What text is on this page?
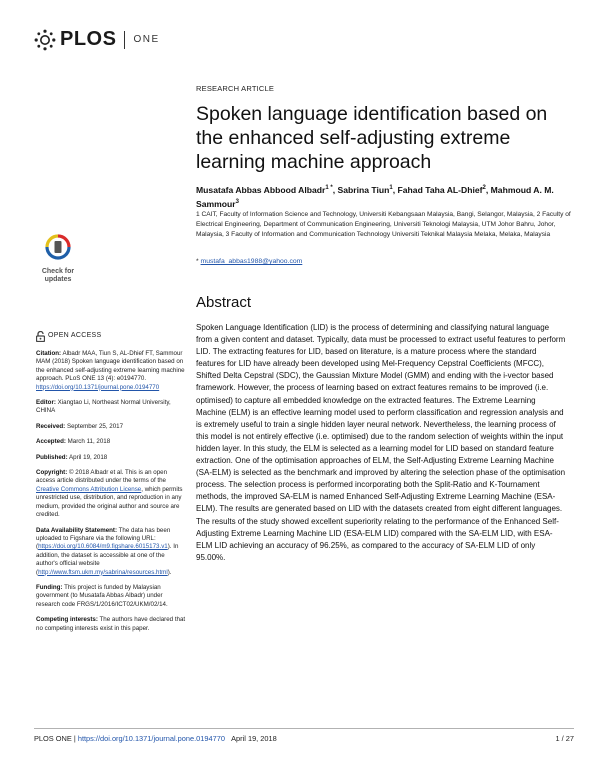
PLOS ONE
RESEARCH ARTICLE
Spoken language identification based on the enhanced self-adjusting extreme learning machine approach

Musatafa Abbas Abbood Albadr$^{1 *}$, Sabrina Tiun$^1$, Fahad Taha AL-Dhief$^2$, Mahmoud A. M. Sammour$^3$

1 CAIT, Faculty of Information Science and Technology, Universiti Kebangsaan Malaysia, Bangi, Selangor, Malaysia, 2 Faculty of Electrical Engineering, Department of Communication Engineering, Universiti Teknologi Malaysia, UTM Johor Bahru, Johor, Malaysia, 3 Faculty of Information and Communication Technology Universiti Teknikal Malaysia Melaka, Melaka, Malaysia

* mustafa_abbas1988@yahoo.com
Check for
updates
Abstract

Spoken Language Identification (LID) is the process of determining and classifying natural language from a given content and dataset. Typically, data must be processed to extract useful features to perform LID. The extracting features for LID, based on literature, is a mature process where the standard features for LID have already been developed using Mel-Frequency Cepstral Coefficients (MFCC), Shifted Delta Cepstral (SDC), the Gaussian Mixture Model (GMM) and ending with the i-vector based framework. However, the process of learning based on extract features remains to be improved (i.e. optimised) to capture all embedded knowledge on the extracted features. The Extreme Learning Machine (ELM) is an effective learning model used to perform classification and regression analysis and is extremely useful to train a single hidden layer neural network. Nevertheless, the learning process of this model is not entirely effective (i.e. optimised) due to the random selection of weights within the input hidden layer. In this study, the ELM is selected as a learning model for LID based on standard feature extraction. One of the optimisation approaches of ELM, the Self-Adjusting Extreme Learning Machine (SA-ELM) is selected as the benchmark and improved by altering the selection phase of the optimisation process. The selection process is performed incorporating both the Split-Ratio and K-Tournament methods, the improved SA-ELM is named Enhanced Self-Adjusting Extreme Learning Machine (ESA-ELM). The results are generated based on LID with the datasets created from eight different languages. The results of the study showed excellent superiority relating to the performance of the Enhanced Self-Adjusting Extreme Learning Machine LID (ESA-ELM LID) compared with the SA-ELM LID, with ESA-ELM LID achieving an accuracy of 96.25%, as compared to the accuracy of SA-ELM LID of only 95.00%.

OPEN ACCESS
Citation: Albadr MAA, Tiun S, AL-Dhief FT, Sammour MAM (2018) Spoken language identification based on the enhanced self-adjusting extreme learning machine approach. PLoS ONE 13 (4): e0194770. https://doi.org/10.1371/journal.pone.0194770
Editor: Xiangtao Li, Northeast Normal University, CHINA
Received: September 25, 2017
Accepted: March 11, 2018
Published: April 19, 2018
Copyright: © 2018 Albadr et al. This is an open access article distributed under the terms of the Creative Commons Attribution License, which permits unrestricted use, distribution, and reproduction in any medium, provided the original author and source are credited.
Data Availability Statement: The data has been uploaded to Figshare via the following URL: (https://doi.org/10.6084/m9.figshare.6015173.v1). In addition, the dataset is accessible at one of the author's official website (http://www.ftsm.ukm.my/sabrina/resources.html).
Funding: This project is funded by Malaysian government (to Musatafa Abbas Albadr) under research code FRGS/1/2016/ICT02/UKM/02/14.
Competing interests: The authors have declared that no competing interests exist in this paper.
PLOS ONE | https://doi.org/10.1371/journal.pone.0194770 April 19, 2018	1 / 27
